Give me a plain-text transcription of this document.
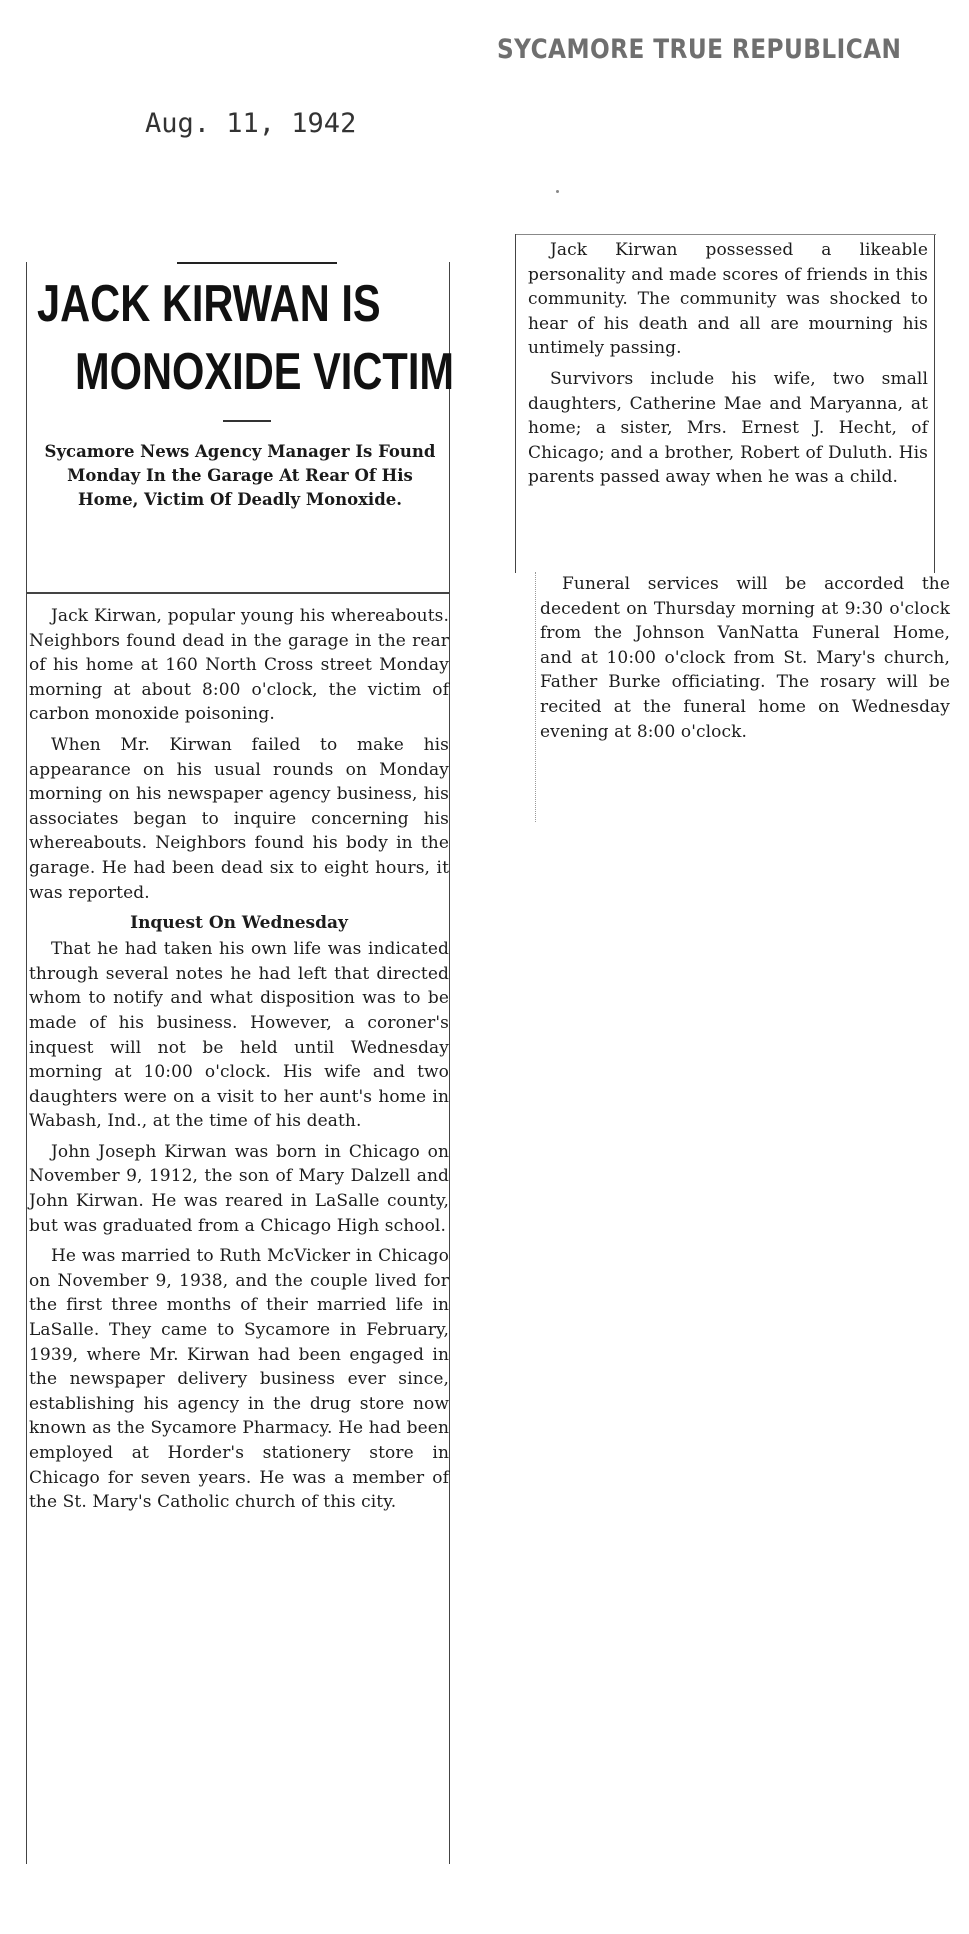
SYCAMORE TRUE REPUBLICAN
Aug. 11, 1942
JACK KIRWAN IS
MONOXIDE VICTIM
Sycamore News Agency Manager Is Found Monday In the Garage At Rear Of His Home, Victim Of Deadly Monoxide.

Jack Kirwan, popular young his whereabouts. Neighbors found dead in the garage in the rear of his home at 160 North Cross street Monday morning at about 8:00 o'clock, the victim of carbon monoxide poisoning.

When Mr. Kirwan failed to make his appearance on his usual rounds on Monday morning on his newspaper agency business, his associates began to inquire concerning his whereabouts. Neighbors found his body in the garage. He had been dead six to eight hours, it was reported.

Inquest On Wednesday

That he had taken his own life was indicated through several notes he had left that directed whom to notify and what disposition was to be made of his business. However, a coroner's inquest will not be held until Wednesday morning at 10:00 o'clock. His wife and two daughters were on a visit to her aunt's home in Wabash, Ind., at the time of his death.

John Joseph Kirwan was born in Chicago on November 9, 1912, the son of Mary Dalzell and John Kirwan. He was reared in LaSalle county, but was graduated from a Chicago High school.

He was married to Ruth McVicker in Chicago on November 9, 1938, and the couple lived for the first three months of their married life in LaSalle. They came to Sycamore in February, 1939, where Mr. Kirwan had been engaged in the newspaper delivery business ever since, establishing his agency in the drug store now known as the Sycamore Pharmacy. He had been employed at Horder's stationery store in Chicago for seven years. He was a member of the St. Mary's Catholic church of this city.

Jack Kirwan possessed a likeable personality and made scores of friends in this community. The community was shocked to hear of his death and all are mourning his untimely passing.

Survivors include his wife, two small daughters, Catherine Mae and Maryanna, at home; a sister, Mrs. Ernest J. Hecht, of Chicago; and a brother, Robert of Duluth. His parents passed away when he was a child.

Funeral services will be accorded the decedent on Thursday morning at 9:30 o'clock from the Johnson VanNatta Funeral Home, and at 10:00 o'clock from St. Mary's church, Father Burke officiating. The rosary will be recited at the funeral home on Wednesday evening at 8:00 o'clock.
